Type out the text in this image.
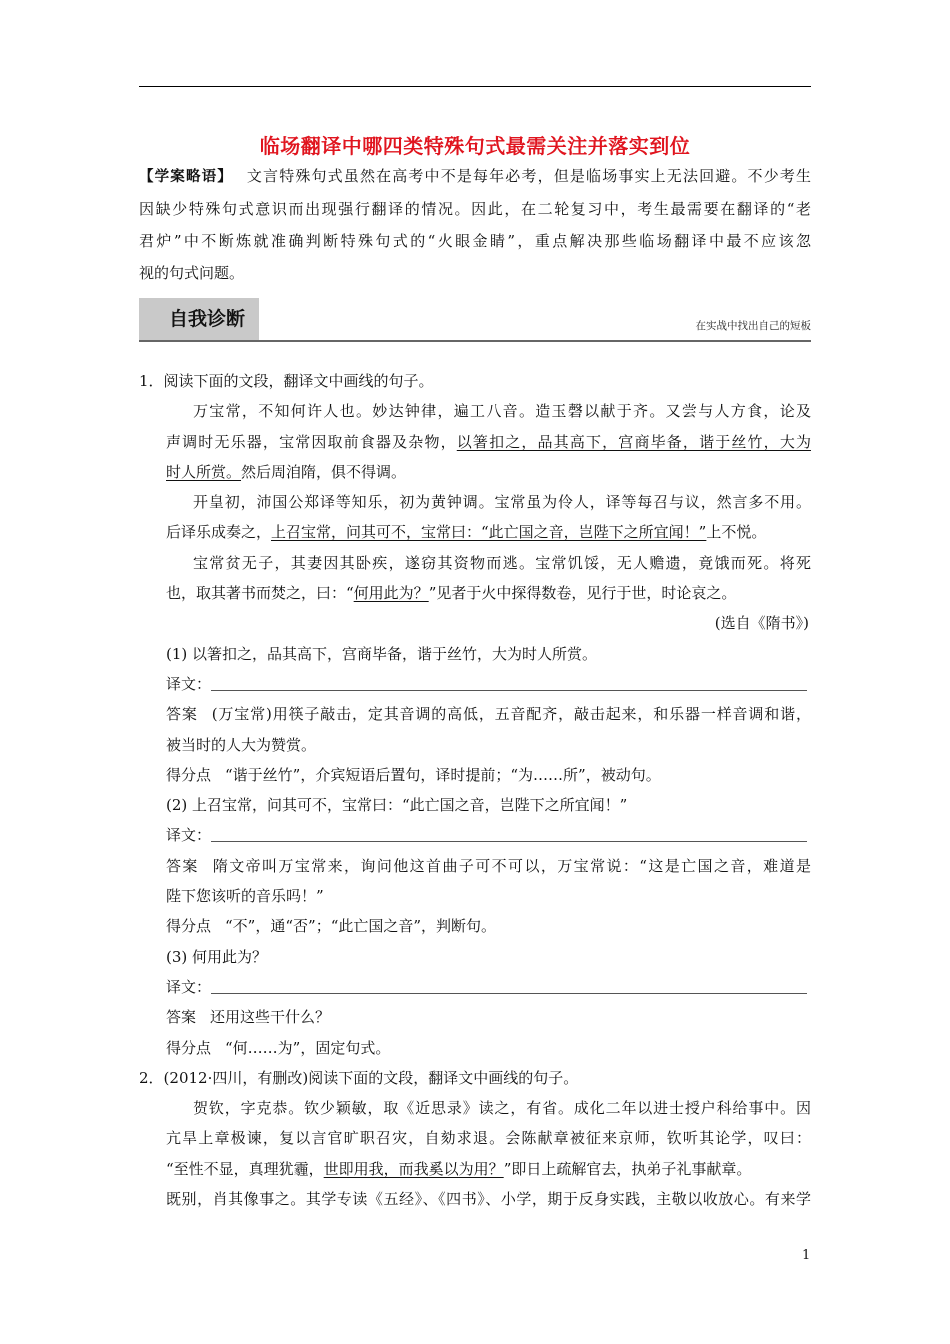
临场翻译中哪四类特殊句式最需关注并落实到位
【学案略语】 文言特殊句式虽然在高考中不是每年必考，但是临场事实上无法回避。不少考生
因缺少特殊句式意识而出现强行翻译的情况。因此，在二轮复习中，考生最需要在翻译的“老
君炉”中不断炼就准确判断特殊句式的“火眼金睛”，重点解决那些临场翻译中最不应该忽
视的句式问题。
自我诊断	在实战中找出自己的短板
1．阅读下面的文段，翻译文中画线的句子。
万宝常，不知何许人也。妙达钟律，遍工八音。造玉磬以献于齐。又尝与人方食，论及
声调时无乐器，宝常因取前食器及杂物，以箸扣之，品其高下，宫商毕备，谐于丝竹，大为
时人所赏。然后周洎隋，俱不得调。
开皇初，沛国公郑译等知乐，初为黄钟调。宝常虽为伶人，译等每召与议，然言多不用。
后译乐成奏之，上召宝常，问其可不，宝常曰：“此亡国之音，岂陛下之所宜闻！”上不悦。
宝常贫无子，其妻因其卧疾，遂窃其资物而逃。宝常饥馁，无人赡遗，竟饿而死。将死
也，取其著书而焚之，曰：“何用此为？”见者于火中探得数卷，见行于世，时论哀之。
(选自《隋书》)
(1) 以箸扣之，品其高下，宫商毕备，谐于丝竹，大为时人所赏。
译文：
答案 (万宝常)用筷子敲击，定其音调的高低，五音配齐，敲击起来，和乐器一样音调和谐，
被当时的人大为赞赏。
得分点 “谐于丝竹”，介宾短语后置句，译时提前；“为……所”，被动句。
(2) 上召宝常，问其可不，宝常曰：“此亡国之音，岂陛下之所宜闻！”
译文：
答案 隋文帝叫万宝常来，询问他这首曲子可不可以，万宝常说：“这是亡国之音，难道是
陛下您该听的音乐吗！”
得分点 “不”，通“否”；“此亡国之音”，判断句。
(3) 何用此为？
译文：
答案 还用这些干什么？
得分点 “何……为”，固定句式。
2．(2012·四川，有删改)阅读下面的文段，翻译文中画线的句子。
贺钦，字克恭。钦少颖敏，取《近思录》读之，有省。成化二年以进士授户科给事中。因
亢旱上章极谏，复以言官旷职召灾，自劾求退。会陈献章被征来京师，钦听其论学，叹曰：
“至性不显，真理犹霾，世即用我，而我奚以为用？”即日上疏解官去，执弟子礼事献章。
既别，肖其像事之。其学专读《五经》、《四书》、小学，期于反身实践，主敬以收放心。有来学
1
